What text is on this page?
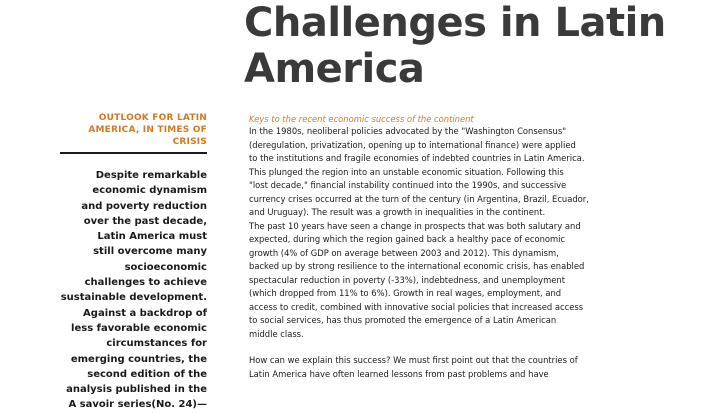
Challenges in Latin
America
OUTLOOK FOR LATIN
AMERICA, IN TIMES OF
CRISIS
Despite remarkable
economic dynamism
and poverty reduction
over the past decade,
Latin America must
still overcome many
socioeconomic
challenges to achieve
sustainable development.
Against a backdrop of
less favorable economic
circumstances for
emerging countries, the
second edition of the
analysis published in the
A savoir series(No. 24)—
Keys to the recent economic success of the continent
In the 1980s, neoliberal policies advocated by the "Washington Consensus"
(deregulation, privatization, opening up to international finance) were applied
to the institutions and fragile economies of indebted countries in Latin America.
This plunged the region into an unstable economic situation. Following this
"lost decade," financial instability continued into the 1990s, and successive
currency crises occurred at the turn of the century (in Argentina, Brazil, Ecuador,
and Uruguay). The result was a growth in inequalities in the continent.
The past 10 years have seen a change in prospects that was both salutary and
expected, during which the region gained back a healthy pace of economic
growth (4% of GDP on average between 2003 and 2012). This dynamism,
backed up by strong resilience to the international economic crisis, has enabled
spectacular reduction in poverty (-33%), indebtedness, and unemployment
(which dropped from 11% to 6%). Growth in real wages, employment, and
access to credit, combined with innovative social policies that increased access
to social services, has thus promoted the emergence of a Latin American
middle class.
How can we explain this success? We must first point out that the countries of
Latin America have often learned lessons from past problems and have
